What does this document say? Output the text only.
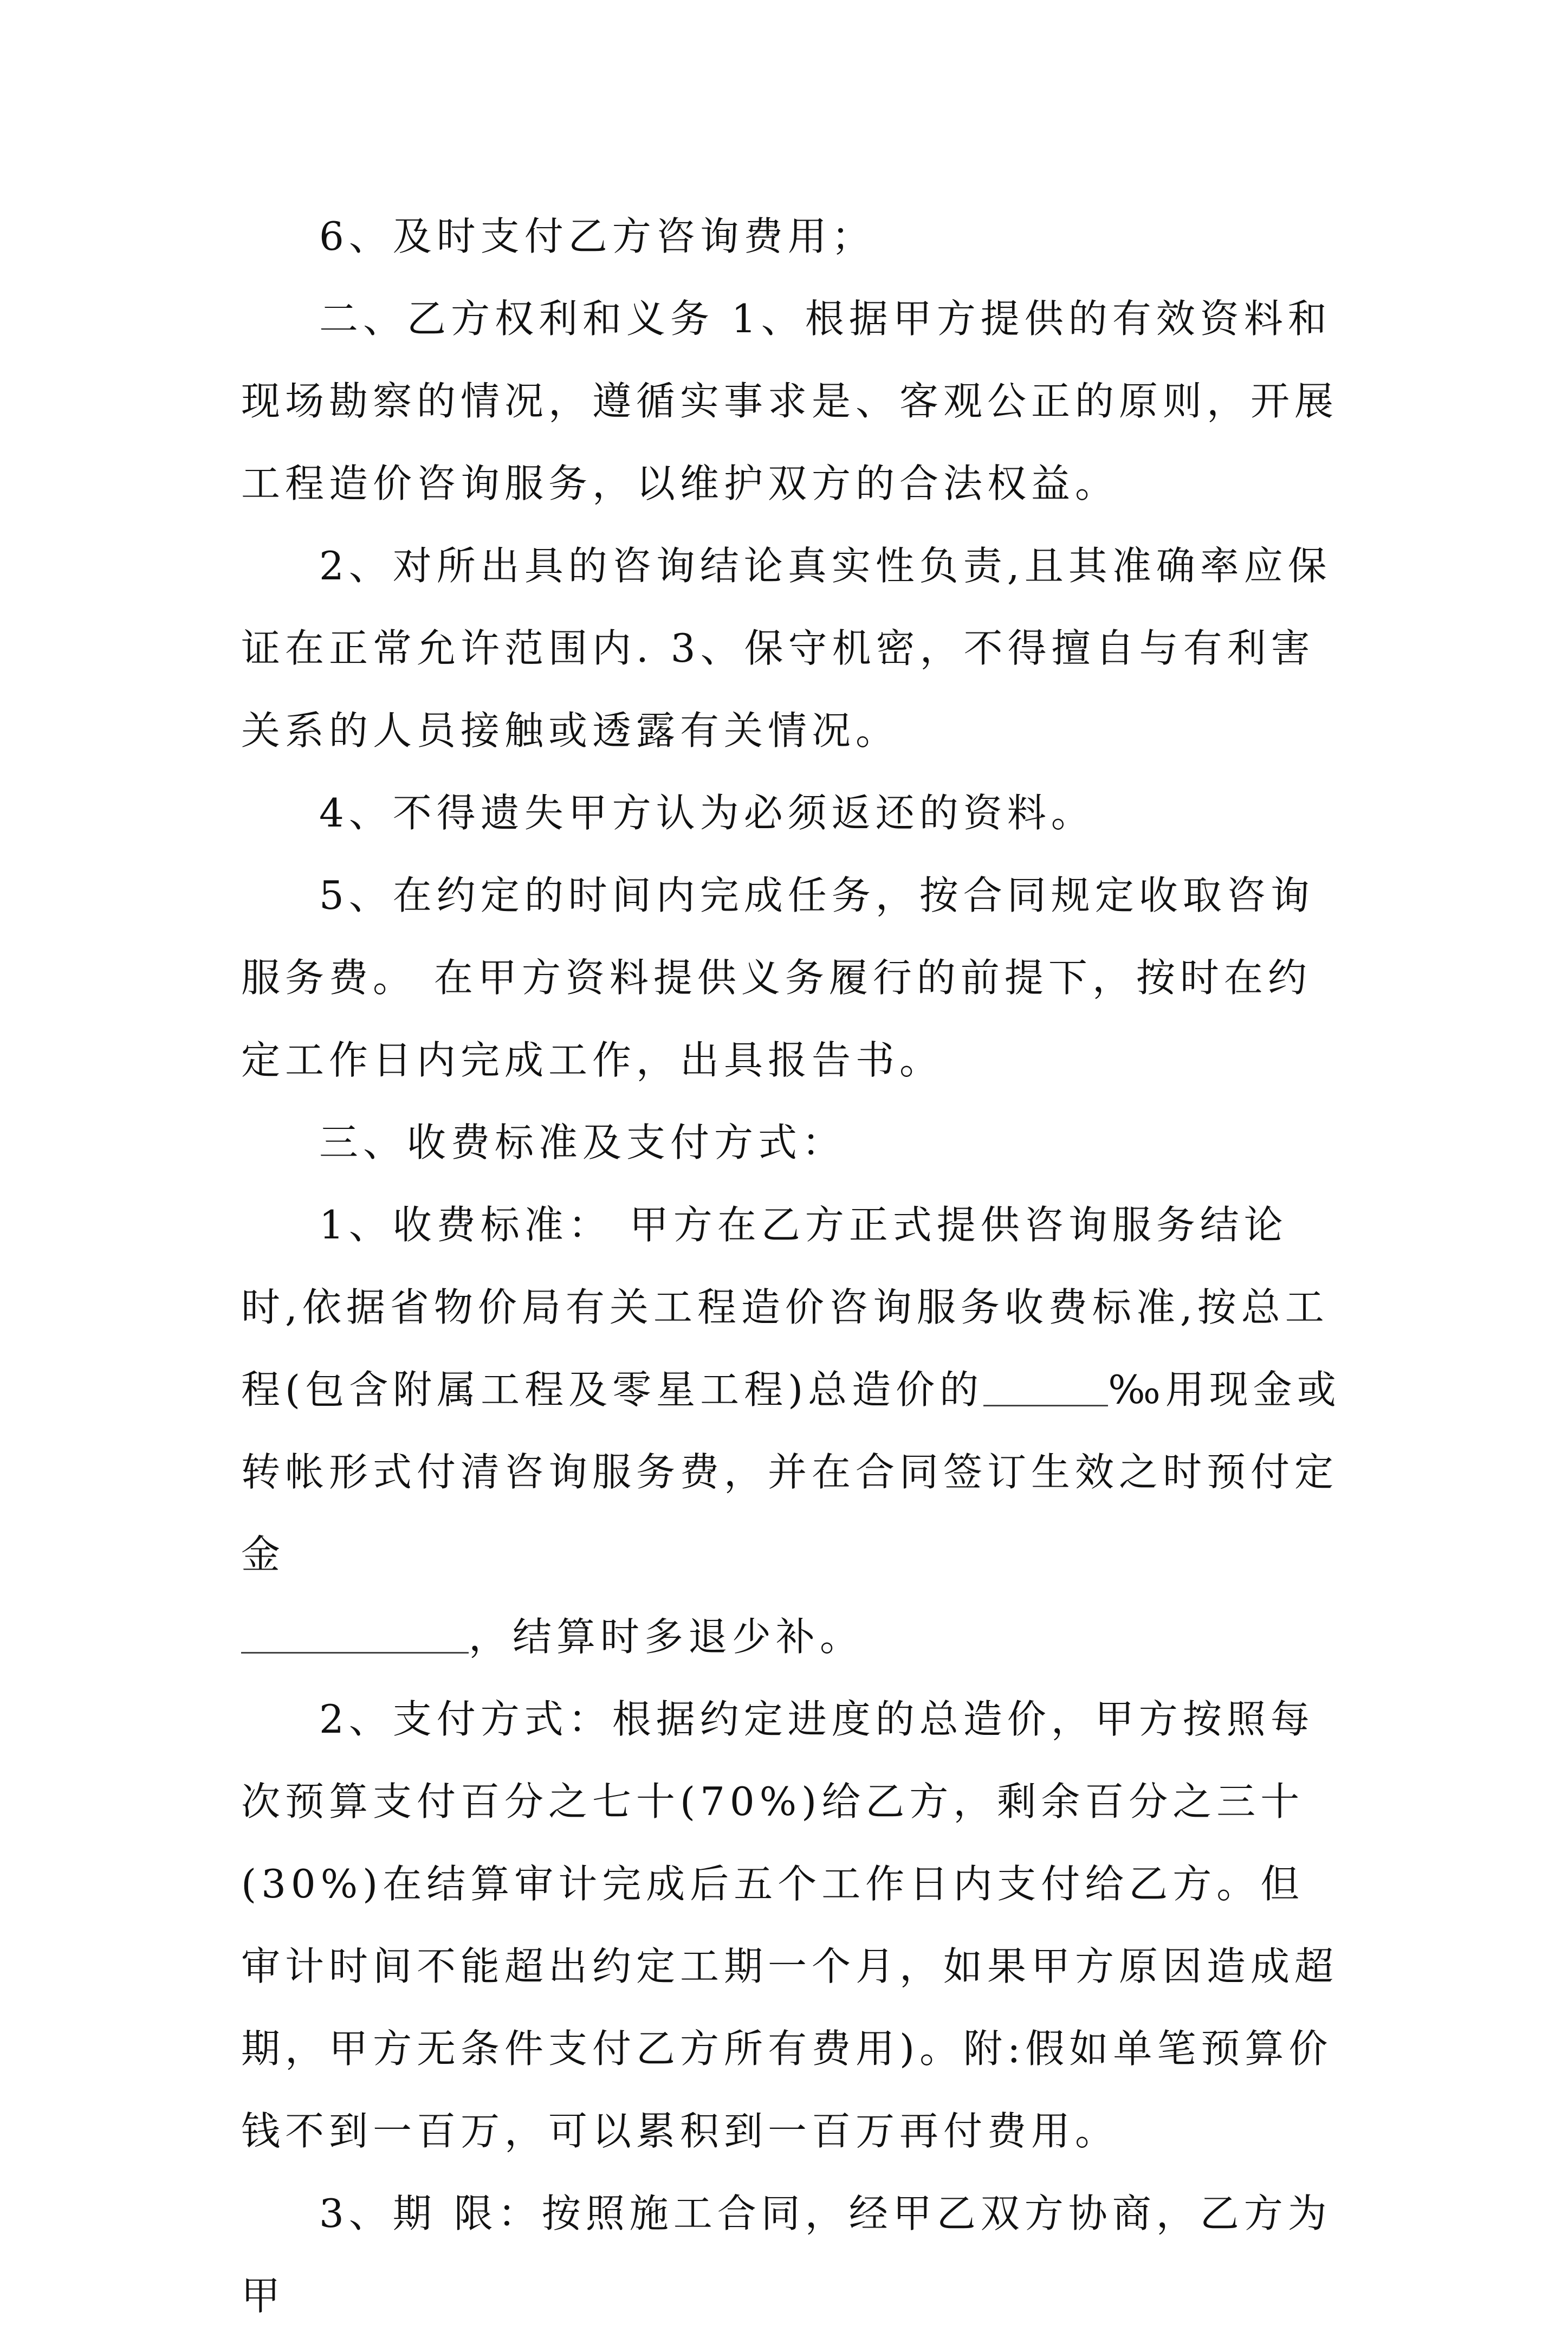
6、及时支付乙方咨询费用；

二、乙方权利和义务 1、根据甲方提供的有效资料和现场勘察的情况，遵循实事求是、客观公正的原则，开展工程造价咨询服务，以维护双方的合法权益。

2、对所出具的咨询结论真实性负责,且其准确率应保证在正常允许范围内. 3、保守机密，不得擅自与有利害关系的人员接触或透露有关情况。

4、不得遗失甲方认为必须返还的资料。

5、在约定的时间内完成任务，按合同规定收取咨询服务费。 在甲方资料提供义务履行的前提下，按时在约定工作日内完成工作，出具报告书。

三、收费标准及支付方式：

1、收费标准： 甲方在乙方正式提供咨询服务结论时,依据省物价局有关工程造价咨询服务收费标准,按总工程(包含附属工程及零星工程)总造价的	‰用现金或转帐形式付清咨询服务费，并在合同签订生效之时预付定金
，结算时多退少补。

2、支付方式：根据约定进度的总造价，甲方按照每次预算支付百分之七十(70%)给乙方，剩余百分之三十(30%)在结算审计完成后五个工作日内支付给乙方。但审计时间不能超出约定工期一个月，如果甲方原因造成超期，甲方无条件支付乙方所有费用)。附:假如单笔预算价钱不到一百万，可以累积到一百万再付费用。

3、期 限：按照施工合同，经甲乙双方协商，乙方为甲
